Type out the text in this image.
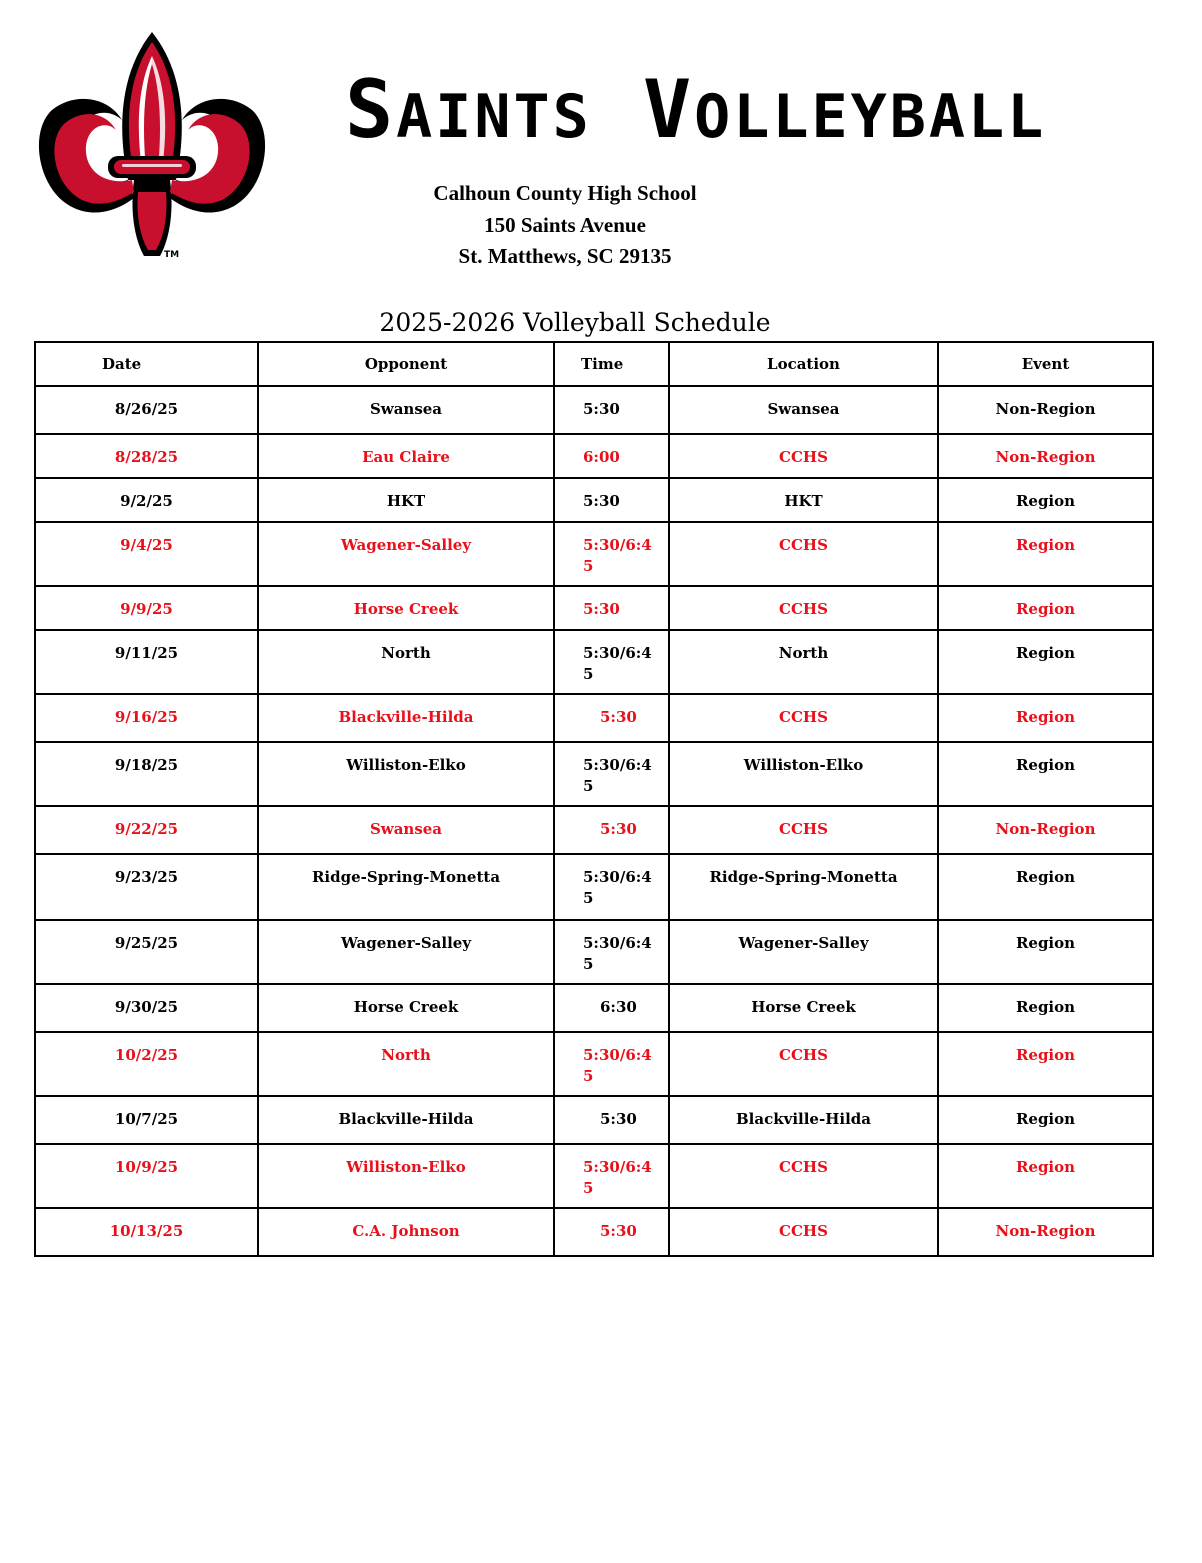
TM
SAINTS VOLLEYBALL
Calhoun County High School
150 Saints Avenue
St. Matthews, SC 29135
2025-2026 Volleyball Schedule
Date	Opponent	Time	Location	Event
8/26/25	Swansea	5:30	Swansea	Non-Region
8/28/25	Eau Claire	6:00	CCHS	Non-Region
9/2/25	HKT	5:30	HKT	Region
9/4/25	Wagener-Salley	5:30/6:45	CCHS	Region
9/9/25	Horse Creek	5:30	CCHS	Region
9/11/25	North	5:30/6:45	North	Region
9/16/25	Blackville-Hilda	5:30	CCHS	Region
9/18/25	Williston-Elko	5:30/6:45	Williston-Elko	Region
9/22/25	Swansea	5:30	CCHS	Non-Region
9/23/25	Ridge-Spring-Monetta	5:30/6:45	Ridge-Spring-Monetta	Region
9/25/25	Wagener-Salley	5:30/6:45	Wagener-Salley	Region
9/30/25	Horse Creek	6:30	Horse Creek	Region
10/2/25	North	5:30/6:45	CCHS	Region
10/7/25	Blackville-Hilda	5:30	Blackville-Hilda	Region
10/9/25	Williston-Elko	5:30/6:45	CCHS	Region
10/13/25	C.A. Johnson	5:30	CCHS	Non-Region
